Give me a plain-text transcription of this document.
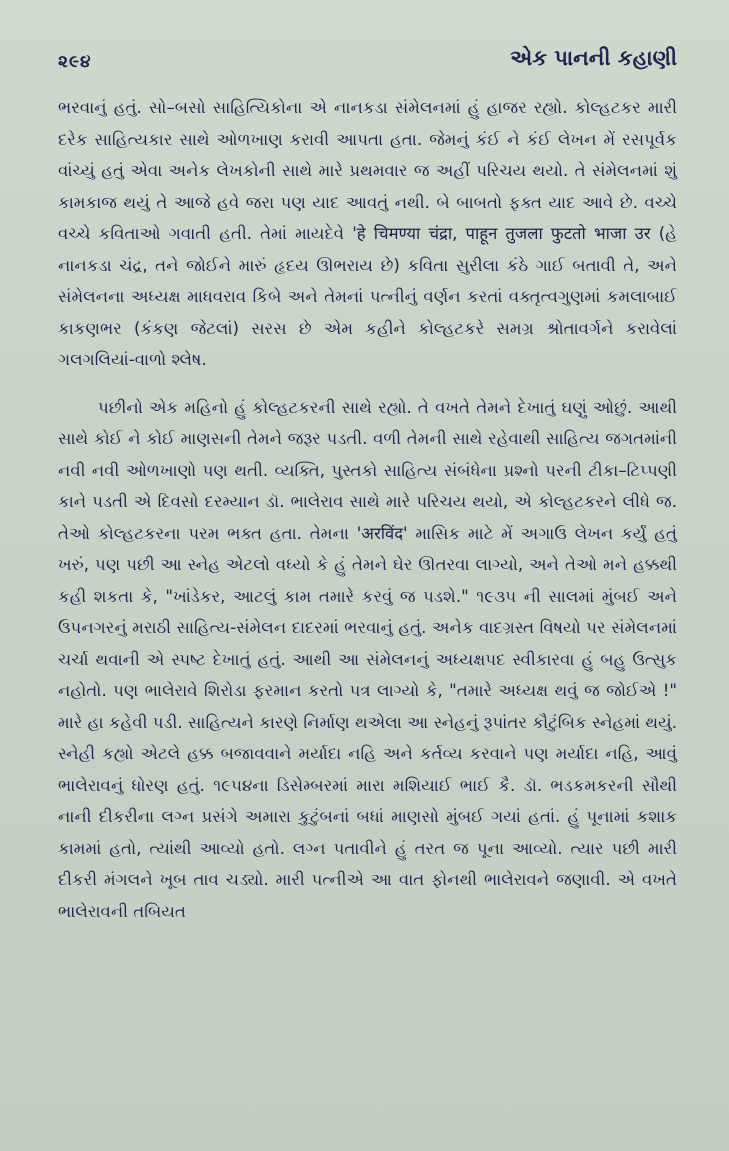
૨૯૪	એક પાનની કહાણી

ભરવાનું હતું. સો–બસો સાહિત્યિકોના એ નાનકડા સંમેલનમાં હું હાજર રહ્યો. કોલ્હટકર મારી દરેક સાહિત્યકાર સાથે ઓળખાણ કરાવી આપતા હતા. જેમનું કંઈ ને કંઈ લેખન મેં રસપૂર્વક વાંચ્યું હતું એવા અનેક લેખકોની સાથે મારે પ્રથમવાર જ અહીં પરિચય થયો. તે સંમેલનમાં શું કામકાજ થયું તે આજે હવે જરા પણ યાદ આવતું નથી. બે બાબતો ફક્ત યાદ આવે છે. વચ્ચે વચ્ચે કવિતાઓ ગવાતી હતી. તેમાં માયદેવે 'हे चिमण्या चंद्रा, पाहून तुजला फुटतो भाजा उर (હે નાનકડા ચંદ્ર, તને જોઈને મારું હૃદય ઊભરાય છે) કવિતા સુરીલા કંઠે ગાઈ બતાવી તે, અને સંમેલનના અધ્યક્ષ માધવરાવ કિબે અને તેમનાં પત્નીનું વર્ણન કરતાં વક્તૃત્વગુણમાં કમલાબાઈ કાકણભર (કંકણ જેટલાં) સરસ છે એમ કહીને કોલ્હટકરે સમગ્ર શ્રોતાવર્ગને કરાવેલાં ગલગલિયાં-વાળો શ્લેષ.

પછીનો એક મહિનો હું કોલ્હટકરની સાથે રહ્યો. તે વખતે તેમને દેખાતું ઘણું ઓછું. આથી સાથે કોઈ ને કોઈ માણસની તેમને જરૂર પડતી. વળી તેમની સાથે રહેવાથી સાહિત્ય જગતમાંની નવી નવી ઓળખાણો પણ થતી. વ્યક્તિ, પુસ્તકો સાહિત્ય સંબંધેના પ્રશ્નો પરની ટીકા–ટિપ્પણી કાને પડતી એ દિવસો દરમ્યાન ડૉ. ભાલેરાવ સાથે મારે પરિચય થયો, એ કોલ્હટકરને લીધે જ. તેઓ કોલ્હટકરના પરમ ભક્ત હતા. તેમના 'अरविंद' માસિક માટે મેં અગાઉ લેખન કર્યું હતું ખરું, પણ પછી આ સ્નેહ એટલો વધ્યો કે હું તેમને ઘેર ઊતરવા લાગ્યો, અને તેઓ મને હક્કથી કહી શકતા કે, "ખાંડેકર, આટલું કામ તમારે કરવું જ પડશે." ૧૯૩૫ ની સાલમાં મુંબઈ અને ઉપનગરનું મરાઠી સાહિત્ય-સંમેલન દાદરમાં ભરવાનું હતું. અનેક વાદગ્રસ્ત વિષયો પર સંમેલનમાં ચર્ચા થવાની એ સ્પષ્ટ દેખાતું હતું. આથી આ સંમેલનનું અધ્યક્ષપદ સ્વીકારવા હું બહુ ઉત્સુક નહોતો. પણ ભાલેરાવે શિરોડા ફરમાન કરતો પત્ર લાગ્યો કે, "તમારે અધ્યક્ષ થવું જ જોઈએ !" મારે હા કહેવી પડી. સાહિત્યને કારણે નિર્માણ થએલા આ સ્નેહનું રૂપાંતર કૌટુંબિક સ્નેહમાં થયું. સ્નેહી કહ્યો એટલે હક્ક બજાવવાને મર્યાદા નહિ અને કર્તવ્ય કરવાને પણ મર્યાદા નહિ, આવું ભાલેરાવનું ધોરણ હતું. ૧૯૫૪ના ડિસેમ્બરમાં મારા મશિયાઈ ભાઈ કૈ. ડૉ. ભડકમકરની સૌથી નાની દીકરીના લગ્ન પ્રસંગે અમારા કુટુંબનાં બધાં માણસો મુંબઈ ગયાં હતાં. હું પૂનામાં કશાક કામમાં હતો, ત્યાંથી આવ્યો હતો. લગ્ન પતાવીને હું તરત જ પૂના આવ્યો. ત્યાર પછી મારી દીકરી મંગલને ખૂબ તાવ ચડ્યો. મારી પત્નીએ આ વાત ફોનથી ભાલેરાવને જણાવી. એ વખતે ભાલેરાવની તબિયત
